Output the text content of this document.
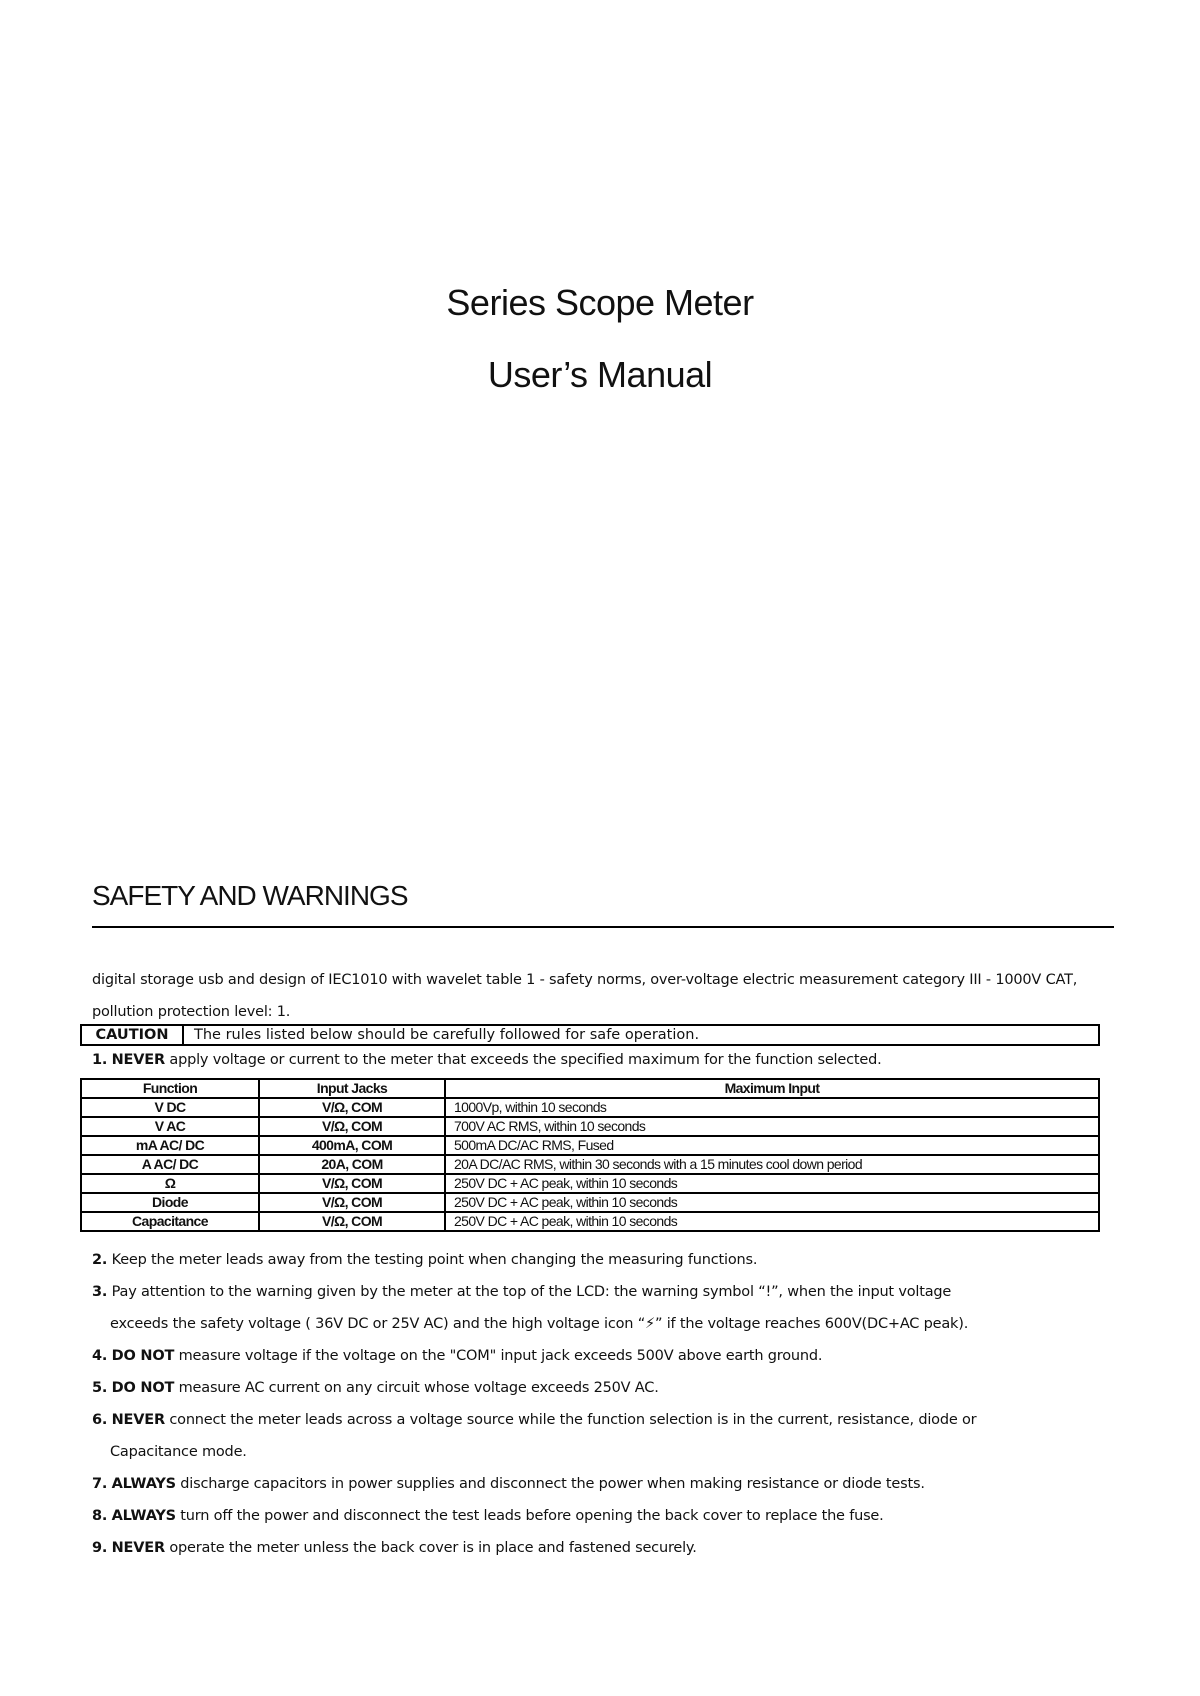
Series Scope Meter
User’s Manual
SAFETY AND WARNINGS

digital storage usb and design of IEC1010 with wavelet table 1 - safety norms, over-voltage electric measurement category III - 1000V CAT, pollution protection level: 1.

CAUTION	The rules listed below should be carefully followed for safe operation.

1. NEVER apply voltage or current to the meter that exceeds the specified maximum for the function selected.

Function	Input Jacks	Maximum Input
V DC	V/Ω, COM	1000Vp, within 10 seconds
V AC	V/Ω, COM	700V AC RMS, within 10 seconds
mA AC/ DC	400mA, COM	500mA DC/AC RMS, Fused
A AC/ DC	20A, COM	20A DC/AC RMS, within 30 seconds with a 15 minutes cool down period
Ω	V/Ω, COM	250V DC + AC peak, within 10 seconds
Diode	V/Ω, COM	250V DC + AC peak, within 10 seconds
Capacitance	V/Ω, COM	250V DC + AC peak, within 10 seconds

2. Keep the meter leads away from the testing point when changing the measuring functions.

3. Pay attention to the warning given by the meter at the top of the LCD: the warning symbol “!”, when the input voltage

exceeds the safety voltage ( 36V DC or 25V AC) and the high voltage icon “⚡” if the voltage reaches 600V(DC+AC peak).

4. DO NOT measure voltage if the voltage on the "COM" input jack exceeds 500V above earth ground.

5. DO NOT measure AC current on any circuit whose voltage exceeds 250V AC.

6. NEVER connect the meter leads across a voltage source while the function selection is in the current, resistance, diode or

Capacitance mode.

7. ALWAYS discharge capacitors in power supplies and disconnect the power when making resistance or diode tests.

8. ALWAYS turn off the power and disconnect the test leads before opening the back cover to replace the fuse.

9. NEVER operate the meter unless the back cover is in place and fastened securely.
